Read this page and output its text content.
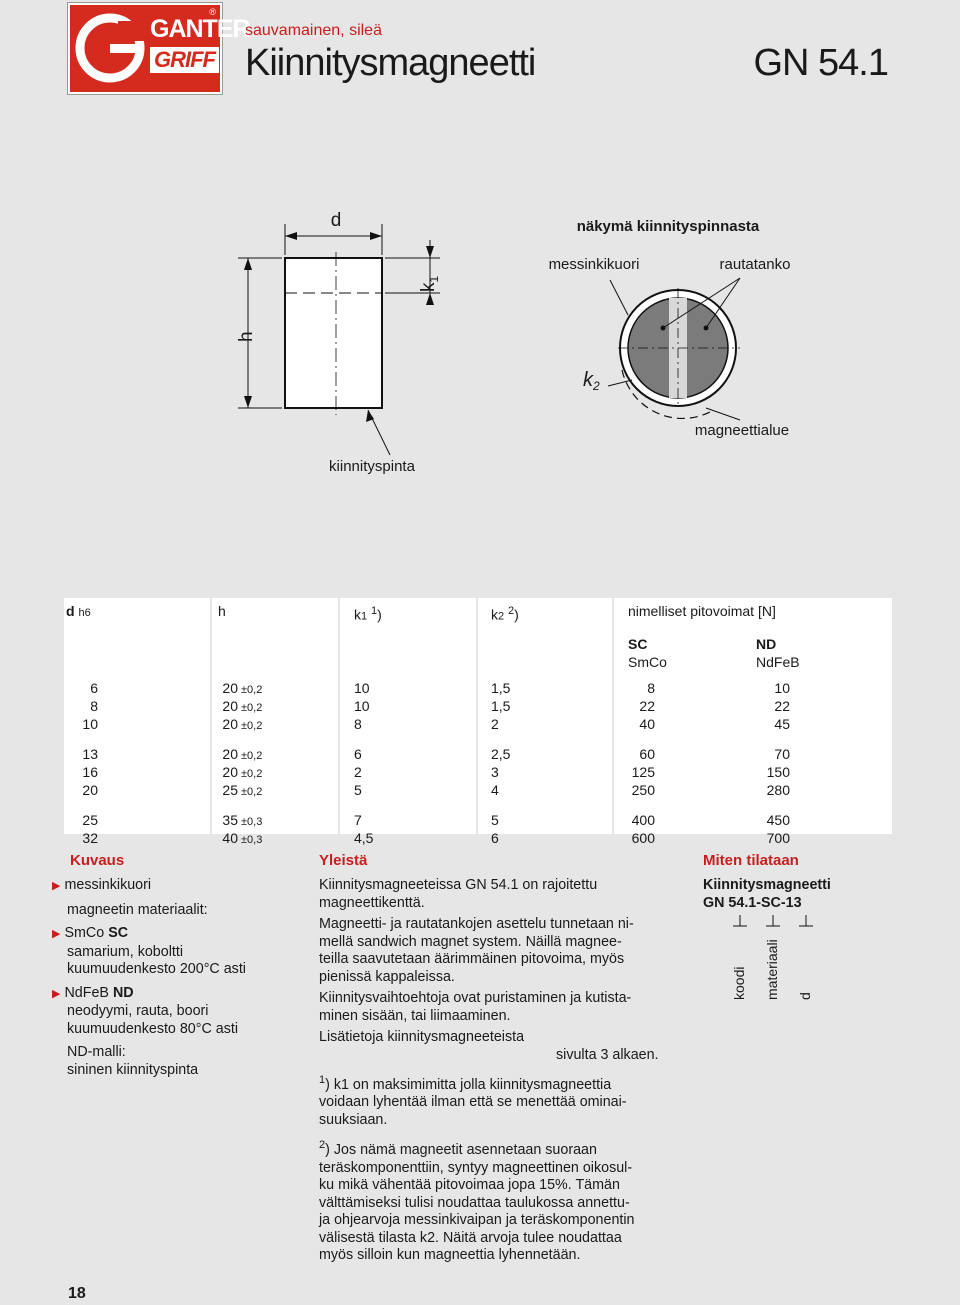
GANTER
GRIFF
®
sauvamainen, sileä
Kiinnitysmagneetti	GN 54.1
d
h
$k_1$
kiinnityspinta
näkymä kiinnityspinnasta
messinkikuori	rautatanko
magneettialue
$k_2$
d h6	h	k1 $^1$)	k2 $^2$)	nimelliset pitovoimat [N]
SC
SmCo
ND
NdFeB
6	20 ±0,2	10	1,5	8	10
8	20 ±0,2	10	1,5	22	22
10	20 ±0,2	8	2	40	45
13	20 ±0,2	6	2,5	60	70
16	20 ±0,2	2	3	125	150
20	25 ±0,2	5	4	250	280
25	35 ±0,3	7	5	400	450
32	40 ±0,3	4,5	6	600	700
Kuvaus
▶ messinkikuori
magneetin materiaalit:
▶ SmCo SC
samarium, koboltti
kuumuudenkesto 200°C asti
▶ NdFeB ND
neodyymi, rauta, boori
kuumuudenkesto 80°C asti
ND-malli:
sininen kiinnityspinta
Yleistä
Kiinnitysmagneeteissa GN 54.1 on rajoitettu
magneettikenttä.
Magneetti- ja rautatankojen asettelu tunnetaan ni-
mellä sandwich magnet system. Näillä magnee-
teilla saavutetaan äärimmäinen pitovoima, myös
pienissä kappaleissa.
Kiinnitysvaihtoehtoja ovat puristaminen ja kutista-
minen sisään, tai liimaaminen.
Lisätietoja kiinnitysmagneeteista
sivulta 3 alkaen.
$^1$) k1 on maksimimitta jolla kiinnitysmagneettia
voidaan lyhentää ilman että se menettää ominai-
suuksiaan.
$^2$) Jos nämä magneetit asennetaan suoraan
teräskomponenttiin, syntyy magneettinen oikosul-
ku mikä vähentää pitovoimaa jopa 15%. Tämän
välttämiseksi tulisi noudattaa taulukossa annettu-
ja ohjearvoja messinkivaipan ja teräskomponentin
välisestä tilasta k2. Näitä arvoja tulee noudattaa
myös silloin kun magneettia lyhennetään.
Miten tilataan
Kiinnitysmagneetti
GN 54.1-SC-13
koodi materiaali d
18
